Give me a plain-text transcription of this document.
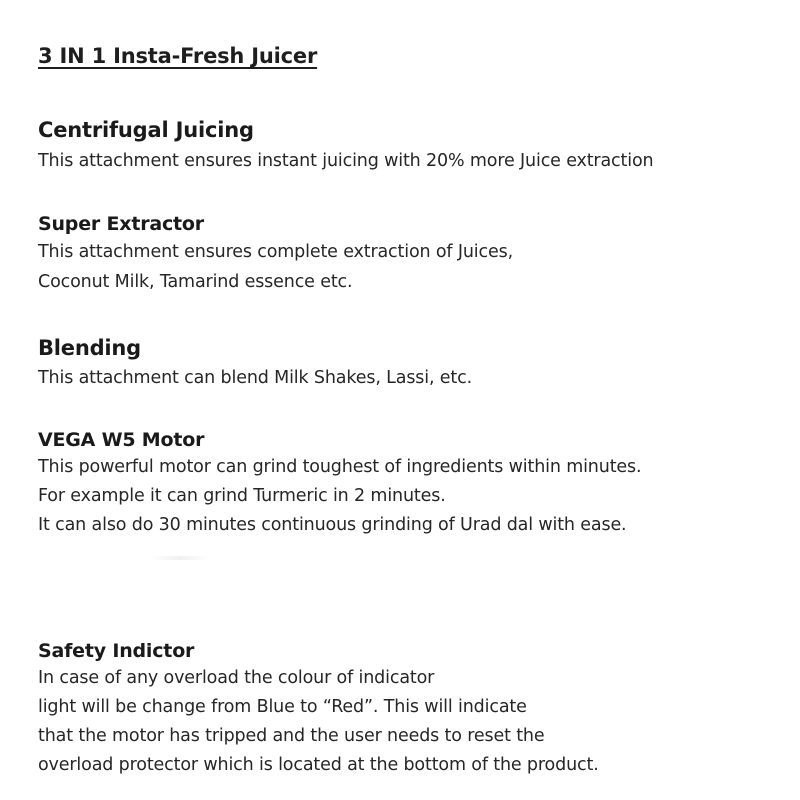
3 IN 1 Insta-Fresh Juicer
Centrifugal Juicing
This attachment ensures instant juicing with 20% more Juice extraction
Super Extractor
This attachment ensures complete extraction of Juices,
Coconut Milk, Tamarind essence etc.
Blending
This attachment can blend Milk Shakes, Lassi, etc.
VEGA W5 Motor
This powerful motor can grind toughest of ingredients within minutes.
For example it can grind Turmeric in 2 minutes.
It can also do 30 minutes continuous grinding of Urad dal with ease.
Safety Indictor
In case of any overload the colour of indicator
light will be change from Blue to “Red”. This will indicate
that the motor has tripped and the user needs to reset the
overload protector which is located at the bottom of the product.
